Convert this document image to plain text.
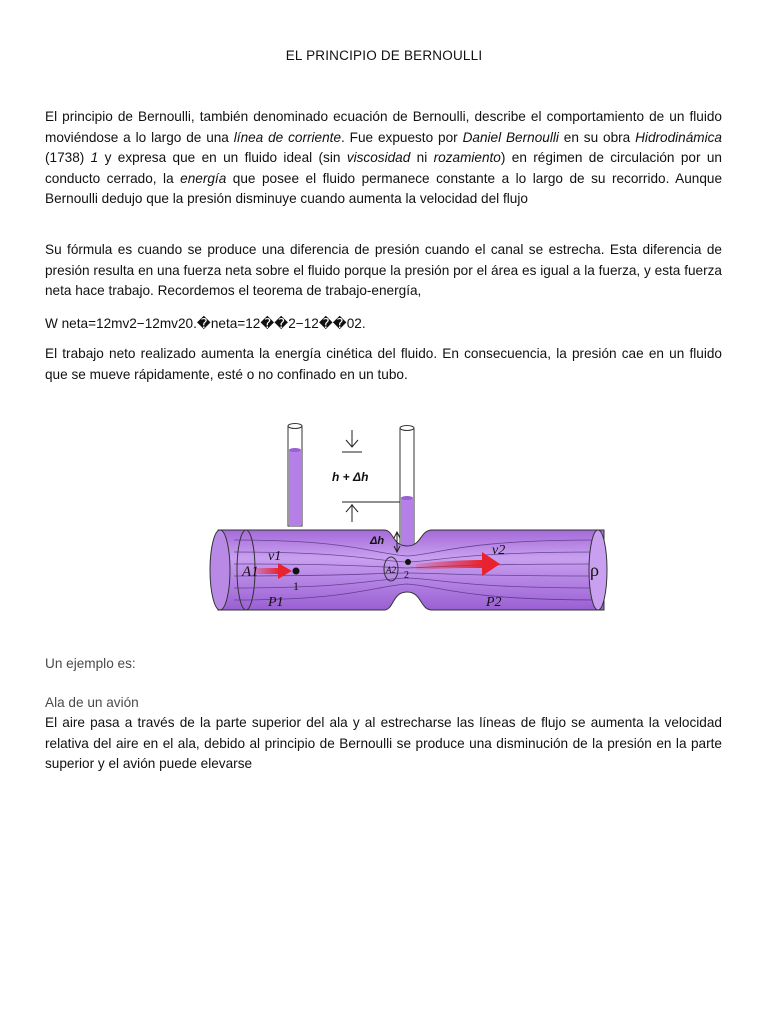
EL PRINCIPIO DE BERNOULLI
El principio de Bernoulli, también denominado ecuación de Bernoulli, describe el comportamiento de un fluido moviéndose a lo largo de una línea de corriente. Fue expuesto por Daniel Bernoulli en su obra Hidrodinámica (1738) 1 y expresa que en un fluido ideal (sin viscosidad ni rozamiento) en régimen de circulación por un conducto cerrado, la energía que posee el fluido permanece constante a lo largo de su recorrido. Aunque Bernoulli dedujo que la presión disminuye cuando aumenta la velocidad del flujo
Su fórmula es cuando se produce una diferencia de presión cuando el canal se estrecha. Esta diferencia de presión resulta en una fuerza neta sobre el fluido porque la presión por el área es igual a la fuerza, y esta fuerza neta hace trabajo. Recordemos el teorema de trabajo-energía,
W neta=12mv2−12mv20.�neta=12��2−12��02.
El trabajo neto realizado aumenta la energía cinética del fluido. En consecuencia, la presión cae en un fluido que se mueve rápidamente, esté o no confinado en un tubo.
h + Δh
Δh
v1	v2
A1	A2
P1	P2
1
2	ρ
Un ejemplo es:
Ala de un avión
El aire pasa a través de la parte superior del ala y al estrecharse las líneas de flujo se aumenta la velocidad relativa del aire en el ala, debido al principio de Bernoulli se produce una disminución de la presión en la parte superior y el avión puede elevarse
